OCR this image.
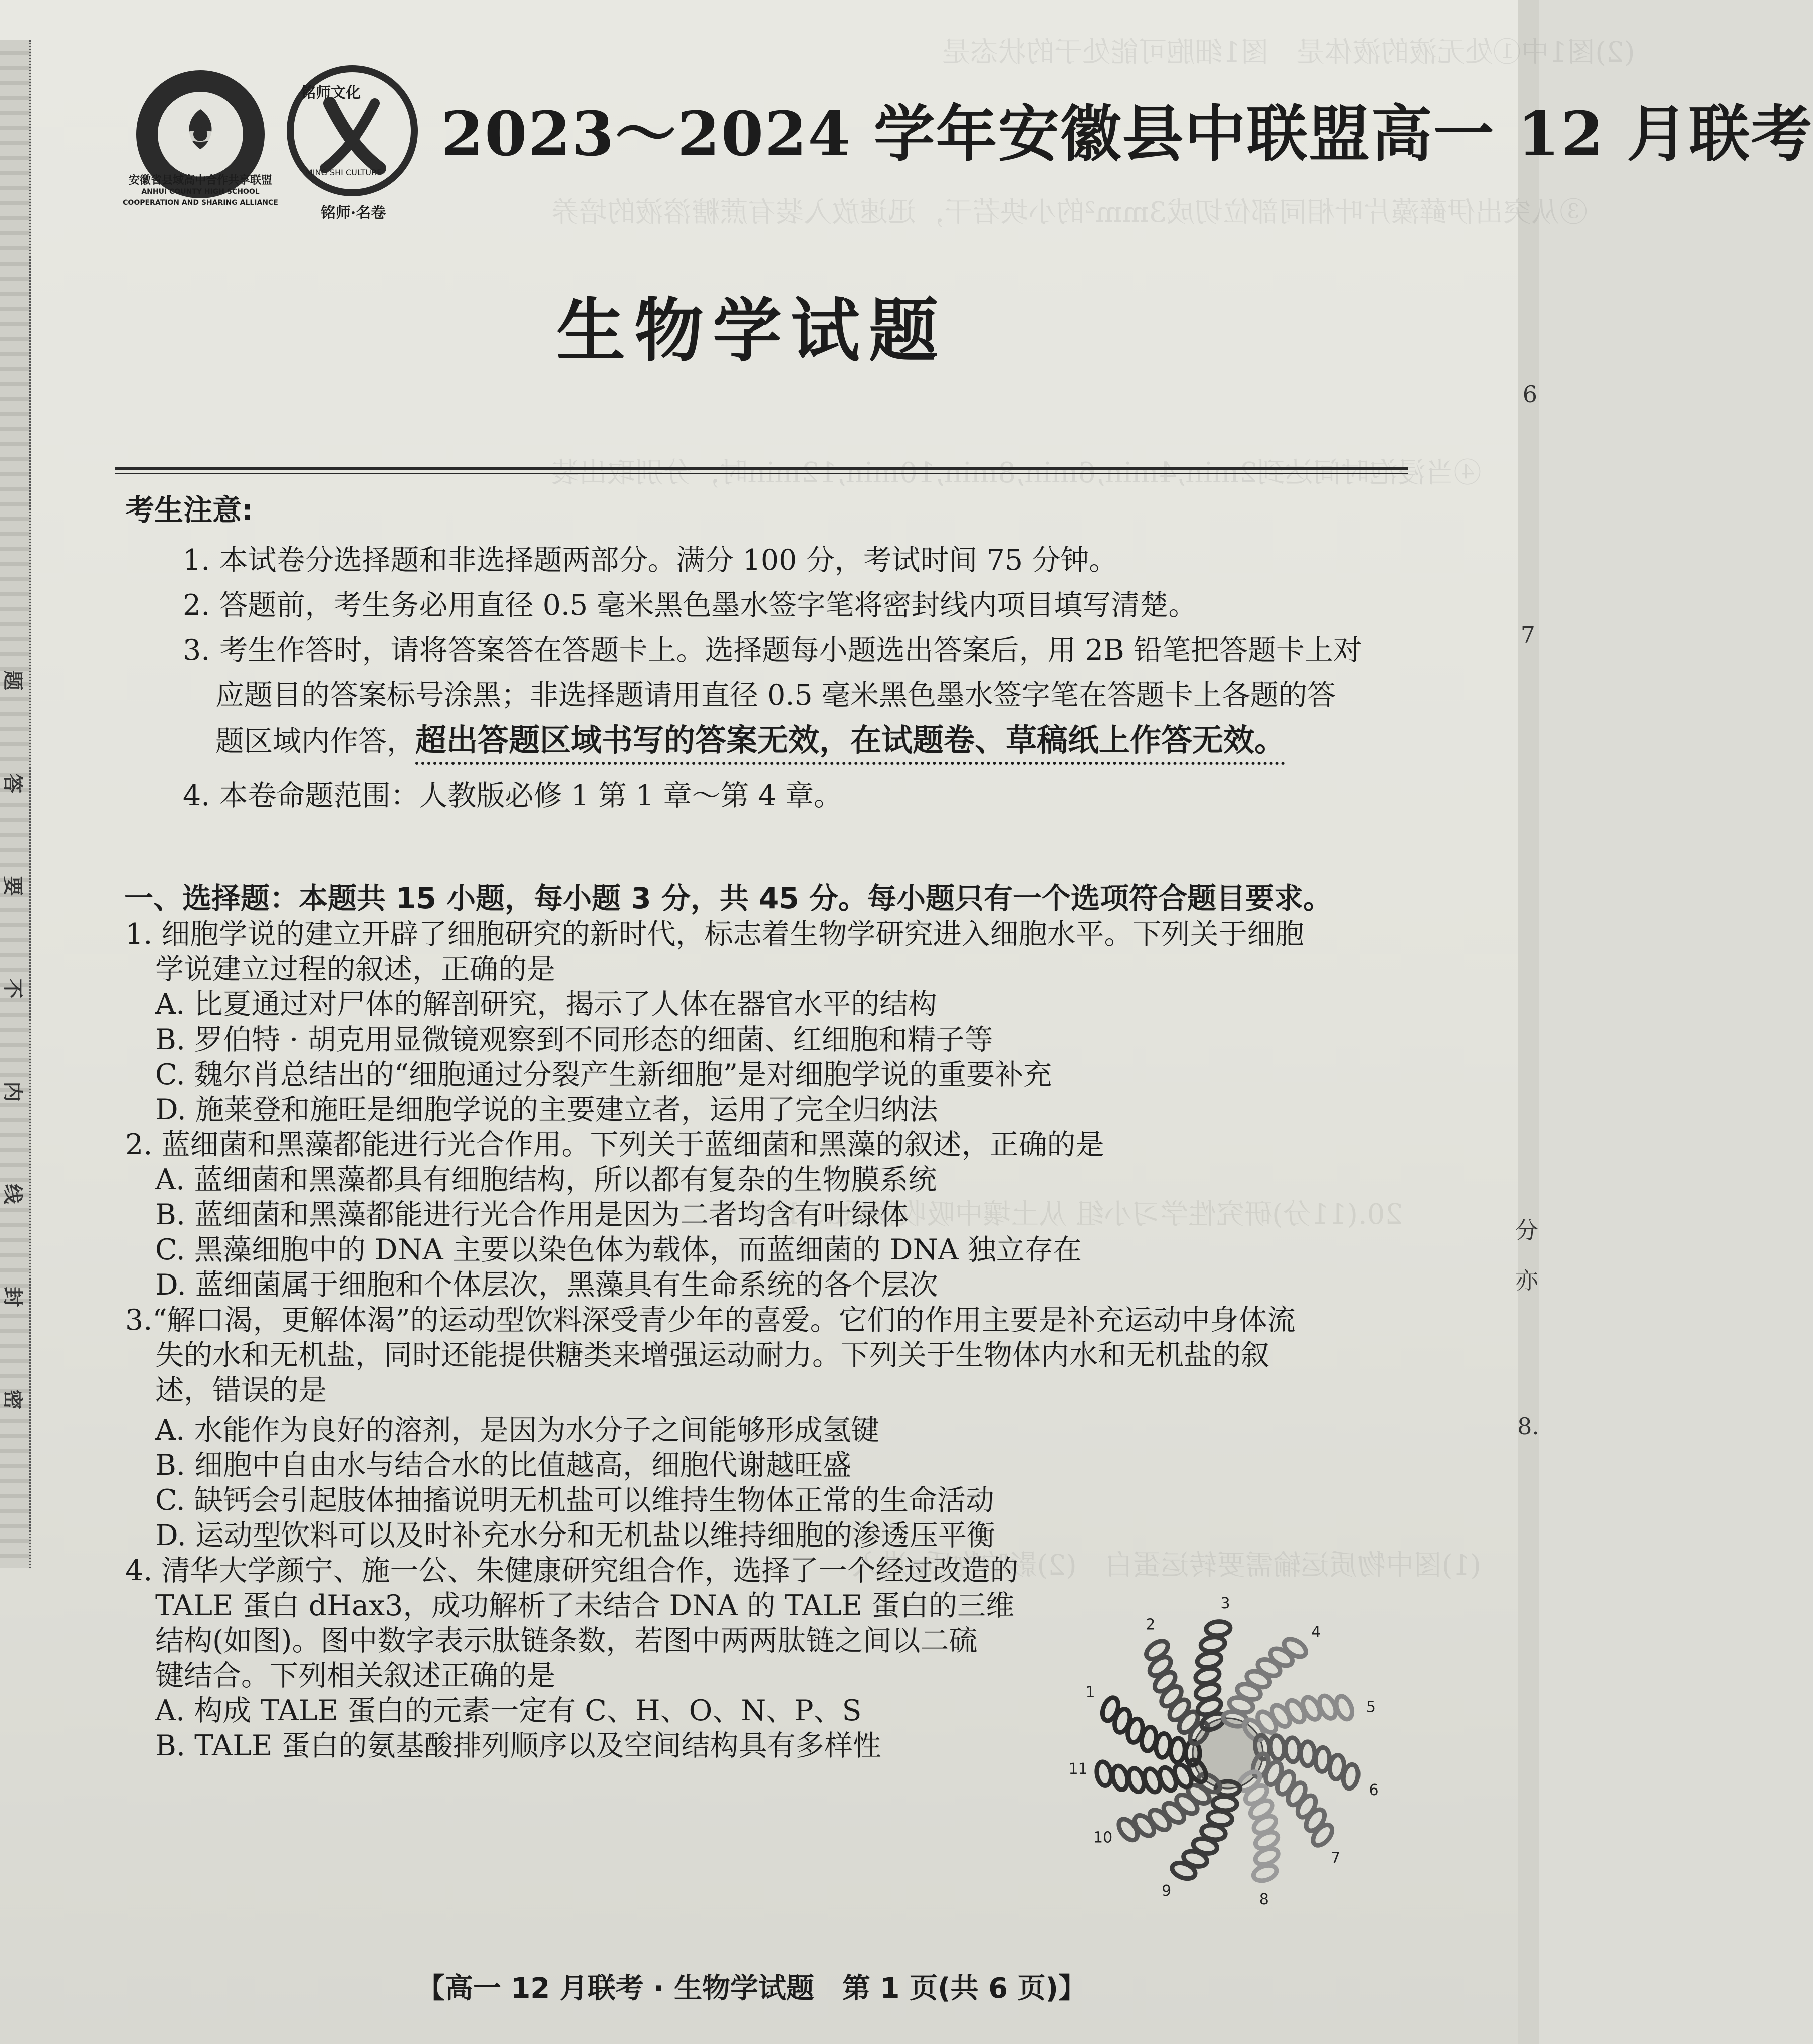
题
答
要
不
内
线
封
密
6
7
分
亦
8.
(2)图1中①处无液的液体是　图1细胞可能处于的状态是
③从突出伊藓藻片叶相同部位切成3mm²的小块若干，迅速放入装有蔗糖溶液的培养
④当浸泡时间达到2min,4min,6min,8min,10min,12min时，分别取出装
20.(11分)研究性学习小组 从土壤中吸收物质a、b的
(1)图中物质运输需要转运蛋白　(2)影响物质a进入
安徽省县域高中合作共享联盟
ANHUI COUNTY HIGH SCHOOL COOPERATION AND SHARING ALLIANCE
铭师文化
MING SHI CULTURE
铭师·名卷
2023～2024 学年安徽县中联盟高一 12 月联考
生物学试题
考生注意:
1. 本试卷分选择题和非选择题两部分。满分 100 分，考试时间 75 分钟。
2. 答题前，考生务必用直径 0.5 毫米黑色墨水签字笔将密封线内项目填写清楚。
3. 考生作答时，请将答案答在答题卡上。选择题每小题选出答案后，用 2B 铅笔把答题卡上对
应题目的答案标号涂黑；非选择题请用直径 0.5 毫米黑色墨水签字笔在答题卡上各题的答
题区域内作答，超出答题区域书写的答案无效，在试题卷、草稿纸上作答无效。
4. 本卷命题范围：人教版必修 1 第 1 章～第 4 章。
一、选择题：本题共 15 小题，每小题 3 分，共 45 分。每小题只有一个选项符合题目要求。
1. 细胞学说的建立开辟了细胞研究的新时代，标志着生物学研究进入细胞水平。下列关于细胞
学说建立过程的叙述，正确的是
A. 比夏通过对尸体的解剖研究，揭示了人体在器官水平的结构
B. 罗伯特 · 胡克用显微镜观察到不同形态的细菌、红细胞和精子等
C. 魏尔肖总结出的“细胞通过分裂产生新细胞”是对细胞学说的重要补充
D. 施莱登和施旺是细胞学说的主要建立者，运用了完全归纳法
2. 蓝细菌和黑藻都能进行光合作用。下列关于蓝细菌和黑藻的叙述，正确的是
A. 蓝细菌和黑藻都具有细胞结构，所以都有复杂的生物膜系统
B. 蓝细菌和黑藻都能进行光合作用是因为二者均含有叶绿体
C. 黑藻细胞中的 DNA 主要以染色体为载体，而蓝细菌的 DNA 独立存在
D. 蓝细菌属于细胞和个体层次，黑藻具有生命系统的各个层次
3.“解口渴，更解体渴”的运动型饮料深受青少年的喜爱。它们的作用主要是补充运动中身体流
失的水和无机盐，同时还能提供糖类来增强运动耐力。下列关于生物体内水和无机盐的叙
述，错误的是
A. 水能作为良好的溶剂，是因为水分子之间能够形成氢键
B. 细胞中自由水与结合水的比值越高，细胞代谢越旺盛
C. 缺钙会引起肢体抽搐说明无机盐可以维持生物体正常的生命活动
D. 运动型饮料可以及时补充水分和无机盐以维持细胞的渗透压平衡
4. 清华大学颜宁、施一公、朱健康研究组合作，选择了一个经过改造的
TALE 蛋白 dHax3，成功解析了未结合 DNA 的 TALE 蛋白的三维
结构(如图)。图中数字表示肽链条数，若图中两两肽链之间以二硫
键结合。下列相关叙述正确的是
A. 构成 TALE 蛋白的元素一定有 C、H、O、N、P、S
B. TALE 蛋白的氨基酸排列顺序以及空间结构具有多样性
1
2
3
4
5
6
7
8
9
10
11
【高一 12 月联考 · 生物学试题　第 1 页(共 6 页)】
